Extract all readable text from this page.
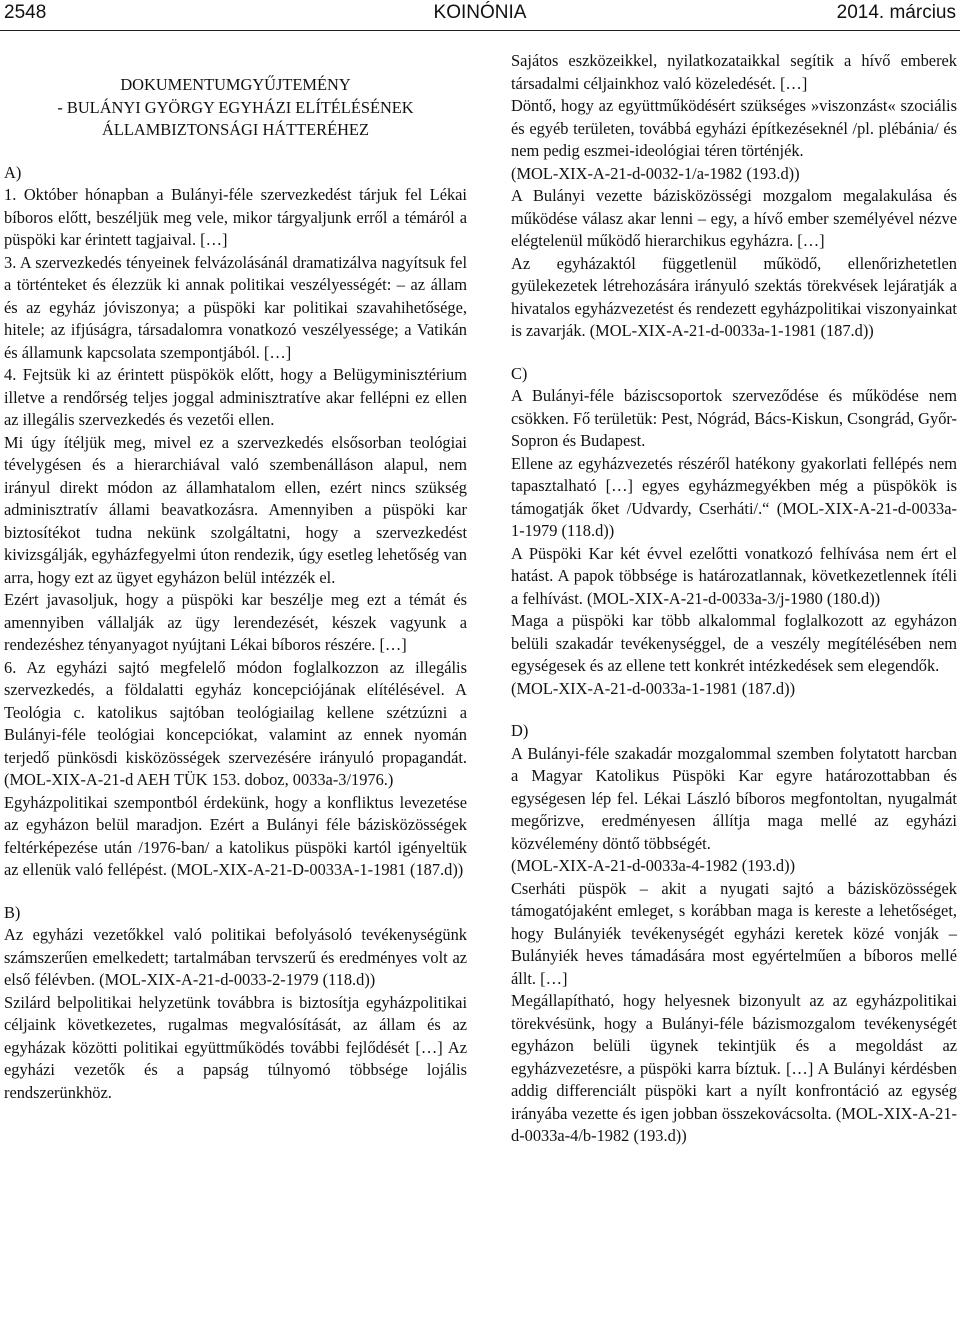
2548	KOINÓNIA	2014. március

DOKUMENTUMGYŰJTEMÉNY

- BULÁNYI GYÖRGY EGYHÁZI ELÍTÉLÉSÉNEK

ÁLLAMBIZTONSÁGI HÁTTERÉHEZ

A)

1. Október hónapban a Bulányi-féle szervezkedést tárjuk fel Lékai bíboros előtt, beszéljük meg vele, mikor tárgyaljunk erről a témáról a püspöki kar érintett tagjaival. […]

3. A szervezkedés tényeinek felvázolásánál dramatizálva nagyítsuk fel a történteket és élezzük ki annak politikai veszélyességét: – az állam és az egyház jóviszonya; a püspöki kar politikai szavahihetősége, hitele; az ifjúságra, társadalomra vonatkozó veszélyessége; a Vatikán és államunk kapcsolata szempontjából. […]

4. Fejtsük ki az érintett püspökök előtt, hogy a Belügyminisztérium illetve a rendőrség teljes joggal adminisztratíve akar fellépni ez ellen az illegális szervezkedés és vezetői ellen.

Mi úgy ítéljük meg, mivel ez a szervezkedés elsősorban teológiai tévelygésen és a hierarchiával való szembenálláson alapul, nem irányul direkt módon az államhatalom ellen, ezért nincs szükség adminisztratív állami beavatkozásra. Amennyiben a püspöki kar biztosítékot tudna nekünk szolgáltatni, hogy a szervezkedést kivizsgálják, egyházfegyelmi úton rendezik, úgy esetleg lehetőség van arra, hogy ezt az ügyet egyházon belül intézzék el.

Ezért javasoljuk, hogy a püspöki kar beszélje meg ezt a témát és amennyiben vállalják az ügy lerendezését, készek vagyunk a rendezéshez tényanyagot nyújtani Lékai bíboros részére. […]

6. Az egyházi sajtó megfelelő módon foglalkozzon az illegális szervezkedés, a földalatti egyház koncepciójának elítélésével. A Teológia c. katolikus sajtóban teológiailag kellene szétzúzni a Bulányi-féle teológiai koncepciókat, valamint az ennek nyomán terjedő pünkösdi kisközösségek szervezésére irányuló propagandát. (MOL-XIX-A-21-d AEH TÜK 153. doboz, 0033a-3/1976.)

Egyházpolitikai szempontból érdekünk, hogy a konfliktus levezetése az egyházon belül maradjon. Ezért a Bulányi féle bázisközösségek feltérképezése után /1976-ban/ a katolikus püspöki kartól igényeltük az ellenük való fellépést. (MOL-XIX-A-21-D-0033A-1-1981 (187.d))

B)

Az egyházi vezetőkkel való politikai befolyásoló tevékenységünk számszerűen emelkedett; tartalmában tervszerű és eredményes volt az első félévben. (MOL-XIX-A-21-d-0033-2-1979 (118.d))

Szilárd belpolitikai helyzetünk továbbra is biztosítja egyházpolitikai céljaink következetes, rugalmas megvalósítását, az állam és az egyházak közötti politikai együttműködés további fejlődését […] Az egyházi vezetők és a papság túlnyomó többsége lojális rendszerünkhöz.

Sajátos eszközeikkel, nyilatkozataikkal segítik a hívő emberek társadalmi céljainkhoz való közeledését. […]

Döntő, hogy az együttműködésért szükséges »viszonzást« szociális és egyéb területen, továbbá egyházi építkezéseknél /pl. plébánia/ és nem pedig eszmei-ideológiai téren történjék.

(MOL-XIX-A-21-d-0032-1/a-1982 (193.d))

A Bulányi vezette bázisközösségi mozgalom megalakulása és működése válasz akar lenni – egy, a hívő ember személyével nézve elégtelenül működő hierarchikus egyházra. […]

Az egyházaktól függetlenül működő, ellenőrizhetetlen gyülekezetek létrehozására irányuló szektás törekvések lejáratják a hivatalos egyházvezetést és rendezett egyházpolitikai viszonyainkat is zavarják. (MOL-XIX-A-21-d-0033a-1-1981 (187.d))

C)

A Bulányi-féle báziscsoportok szerveződése és működése nem csökken. Fő területük: Pest, Nógrád, Bács-Kiskun, Csongrád, Győr-Sopron és Budapest.

Ellene az egyházvezetés részéről hatékony gyakorlati fellépés nem tapasztalható […] egyes egyházmegyékben még a püspökök is támogatják őket /Udvardy, Cserháti/.“ (MOL-XIX-A-21-d-0033a-1-1979 (118.d))

A Püspöki Kar két évvel ezelőtti vonatkozó felhívása nem ért el hatást. A papok többsége is határozatlannak, következetlennek ítéli a felhívást. (MOL-XIX-A-21-d-0033a-3/j-1980 (180.d))

Maga a püspöki kar több alkalommal foglalkozott az egyházon belüli szakadár tevékenységgel, de a veszély megítélésében nem egységesek és az ellene tett konkrét intézkedések sem elegendők.

(MOL-XIX-A-21-d-0033a-1-1981 (187.d))

D)

A Bulányi-féle szakadár mozgalommal szemben folytatott harcban a Magyar Katolikus Püspöki Kar egyre határozottabban és egységesen lép fel. Lékai László bíboros megfontoltan, nyugalmát megőrizve, eredményesen állítja maga mellé az egyházi közvélemény döntő többségét.

(MOL-XIX-A-21-d-0033a-4-1982 (193.d))

Cserháti püspök – akit a nyugati sajtó a bázisközösségek támogatójaként emleget, s korábban maga is kereste a lehetőséget, hogy Bulányiék tevékenységét egyházi keretek közé vonják – Bulányiék heves támadására most egyértelműen a bíboros mellé állt. […]

Megállapítható, hogy helyesnek bizonyult az az egyházpolitikai törekvésünk, hogy a Bulányi-féle bázismozgalom tevékenységét egyházon belüli ügynek tekintjük és a megoldást az egyházvezetésre, a püspöki karra bíztuk. […] A Bulányi kérdésben addig differenciált püspöki kart a nyílt konfrontáció az egység irányába vezette és igen jobban összekovácsolta. (MOL-XIX-A-21-d-0033a-4/b-1982 (193.d))
